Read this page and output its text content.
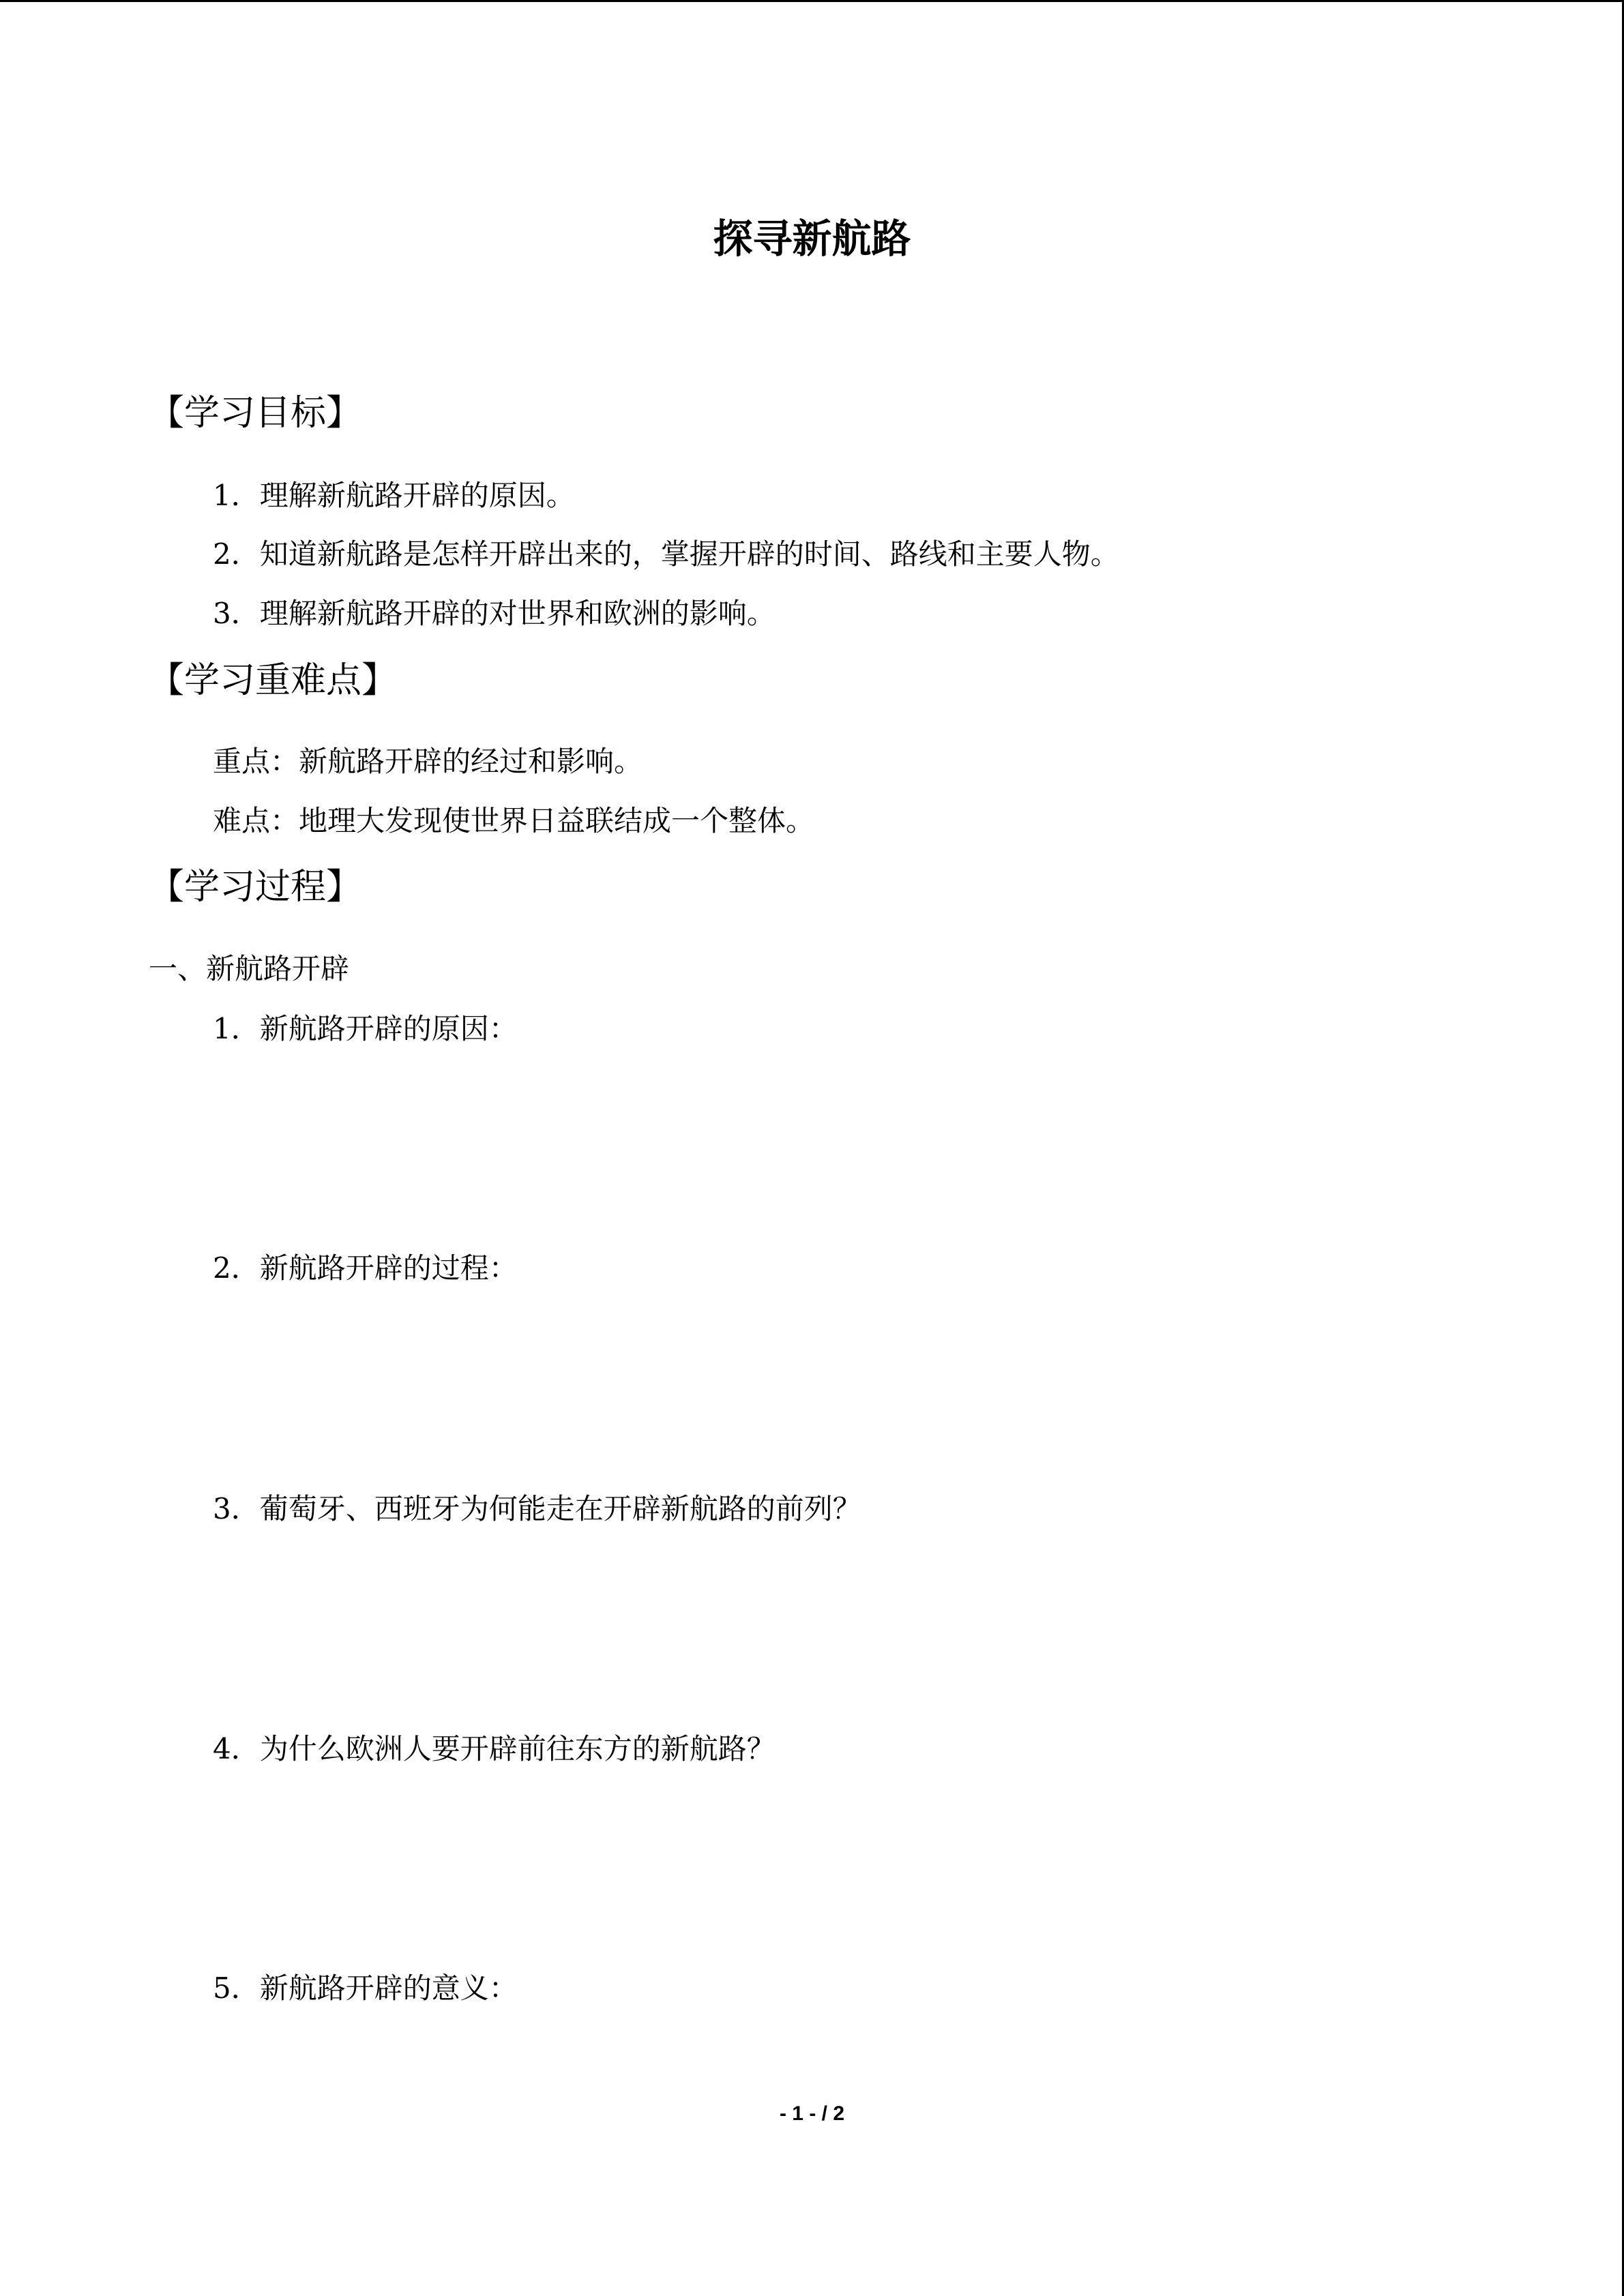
探寻新航路
【学习目标】
1．理解新航路开辟的原因。
2．知道新航路是怎样开辟出来的，掌握开辟的时间、路线和主要人物。
3．理解新航路开辟的对世界和欧洲的影响。
【学习重难点】
重点：新航路开辟的经过和影响。
难点：地理大发现使世界日益联结成一个整体。
【学习过程】
一、新航路开辟
1．新航路开辟的原因：
2．新航路开辟的过程：
3．葡萄牙、西班牙为何能走在开辟新航路的前列？
4．为什么欧洲人要开辟前往东方的新航路？
5．新航路开辟的意义：
- 1 - / 2
